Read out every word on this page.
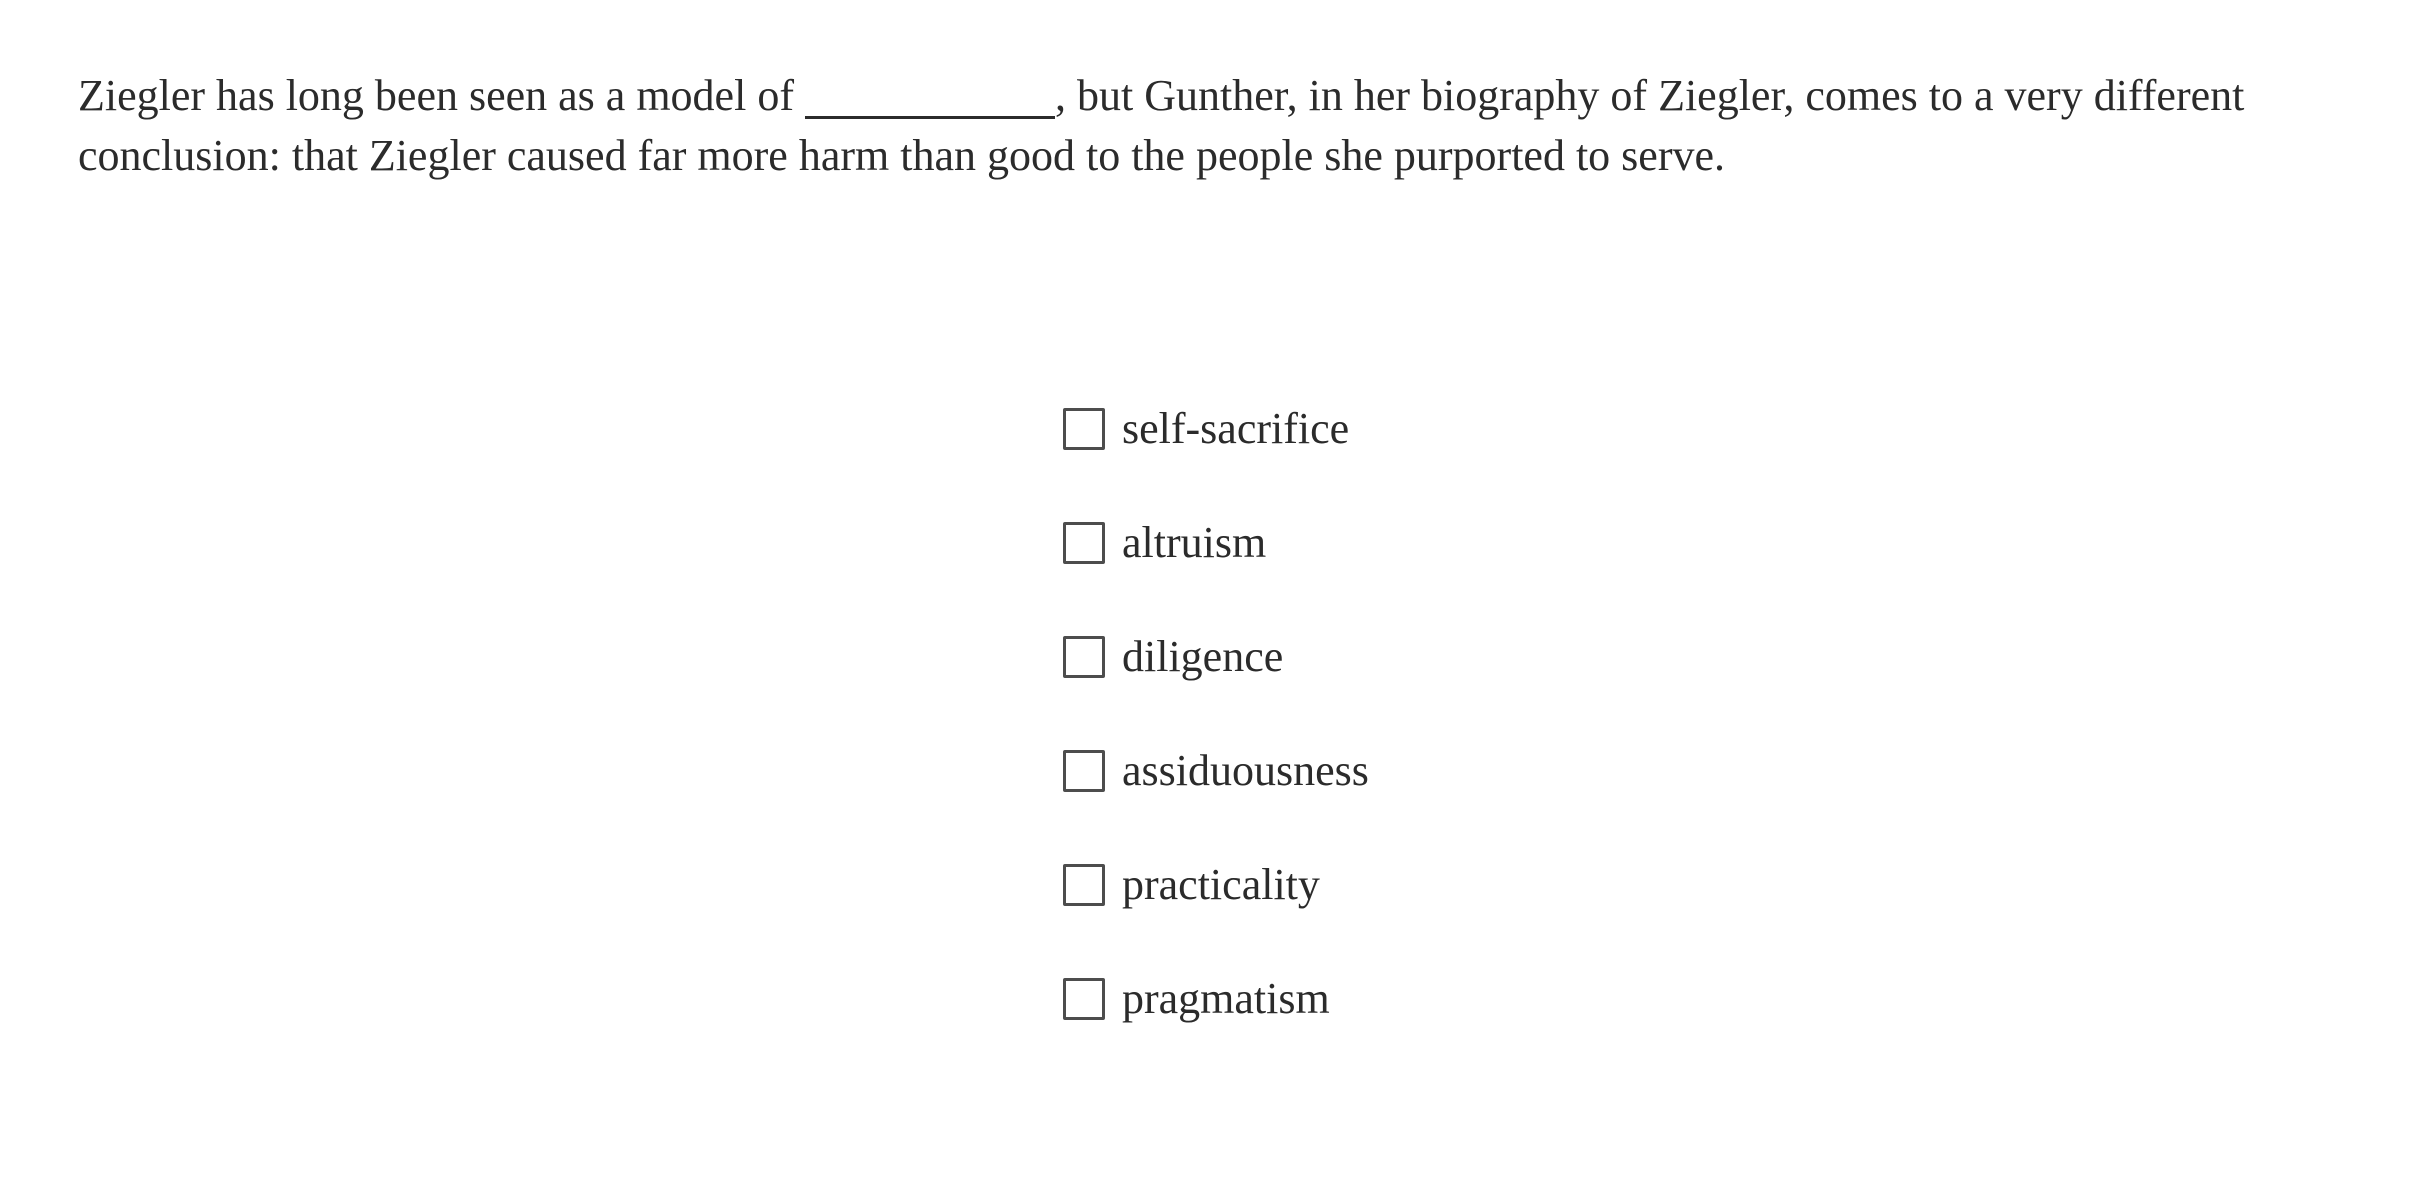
Ziegler has long been seen as a model of	, but Gunther, in her biography of Ziegler, comes to a very different conclusion: that Ziegler caused far more harm than good to the people she purported to serve.
self-sacrifice
altruism
diligence
assiduousness
practicality
pragmatism
